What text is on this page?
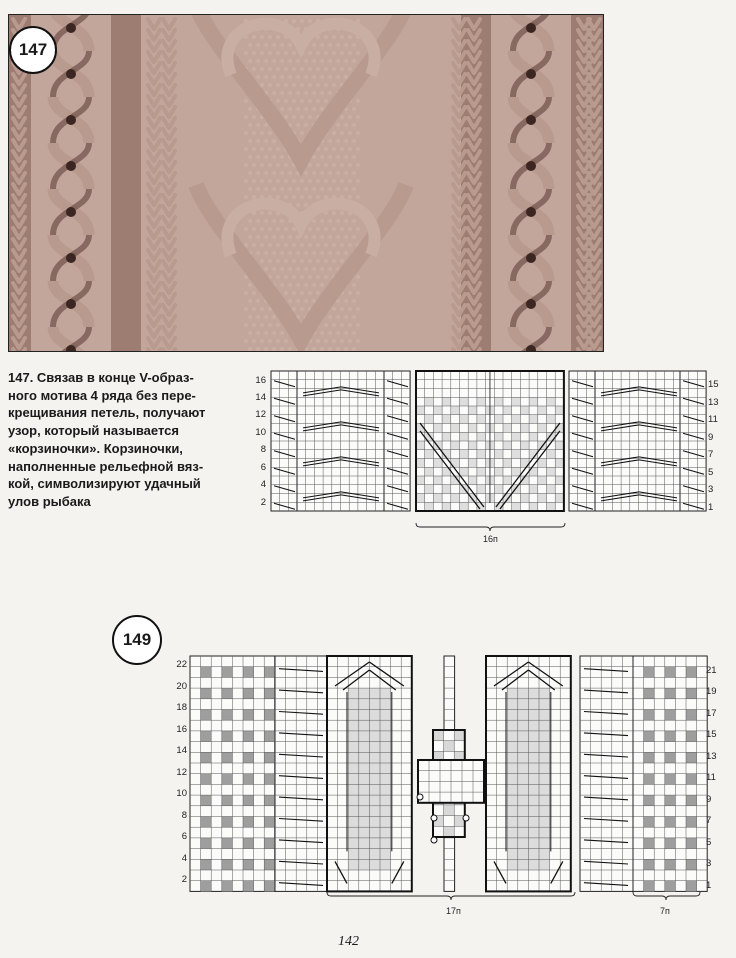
147
147. Связав в конце V-образ-
ного мотива 4 ряда без пере-
крещивания петель, получают
узор, который называется
«корзиночки». Корзиночки,
наполненные рельефной вяз-
кой, символизируют удачный
улов рыбака
16
14
12
10
8
6
4
2
15
13
11
9
7
5
3
1
16п
22
20
18
16
14
12
10
8
6
4
2
21
19
17
15
13
11
9
7
5
3
1
17п	7п
149
142
